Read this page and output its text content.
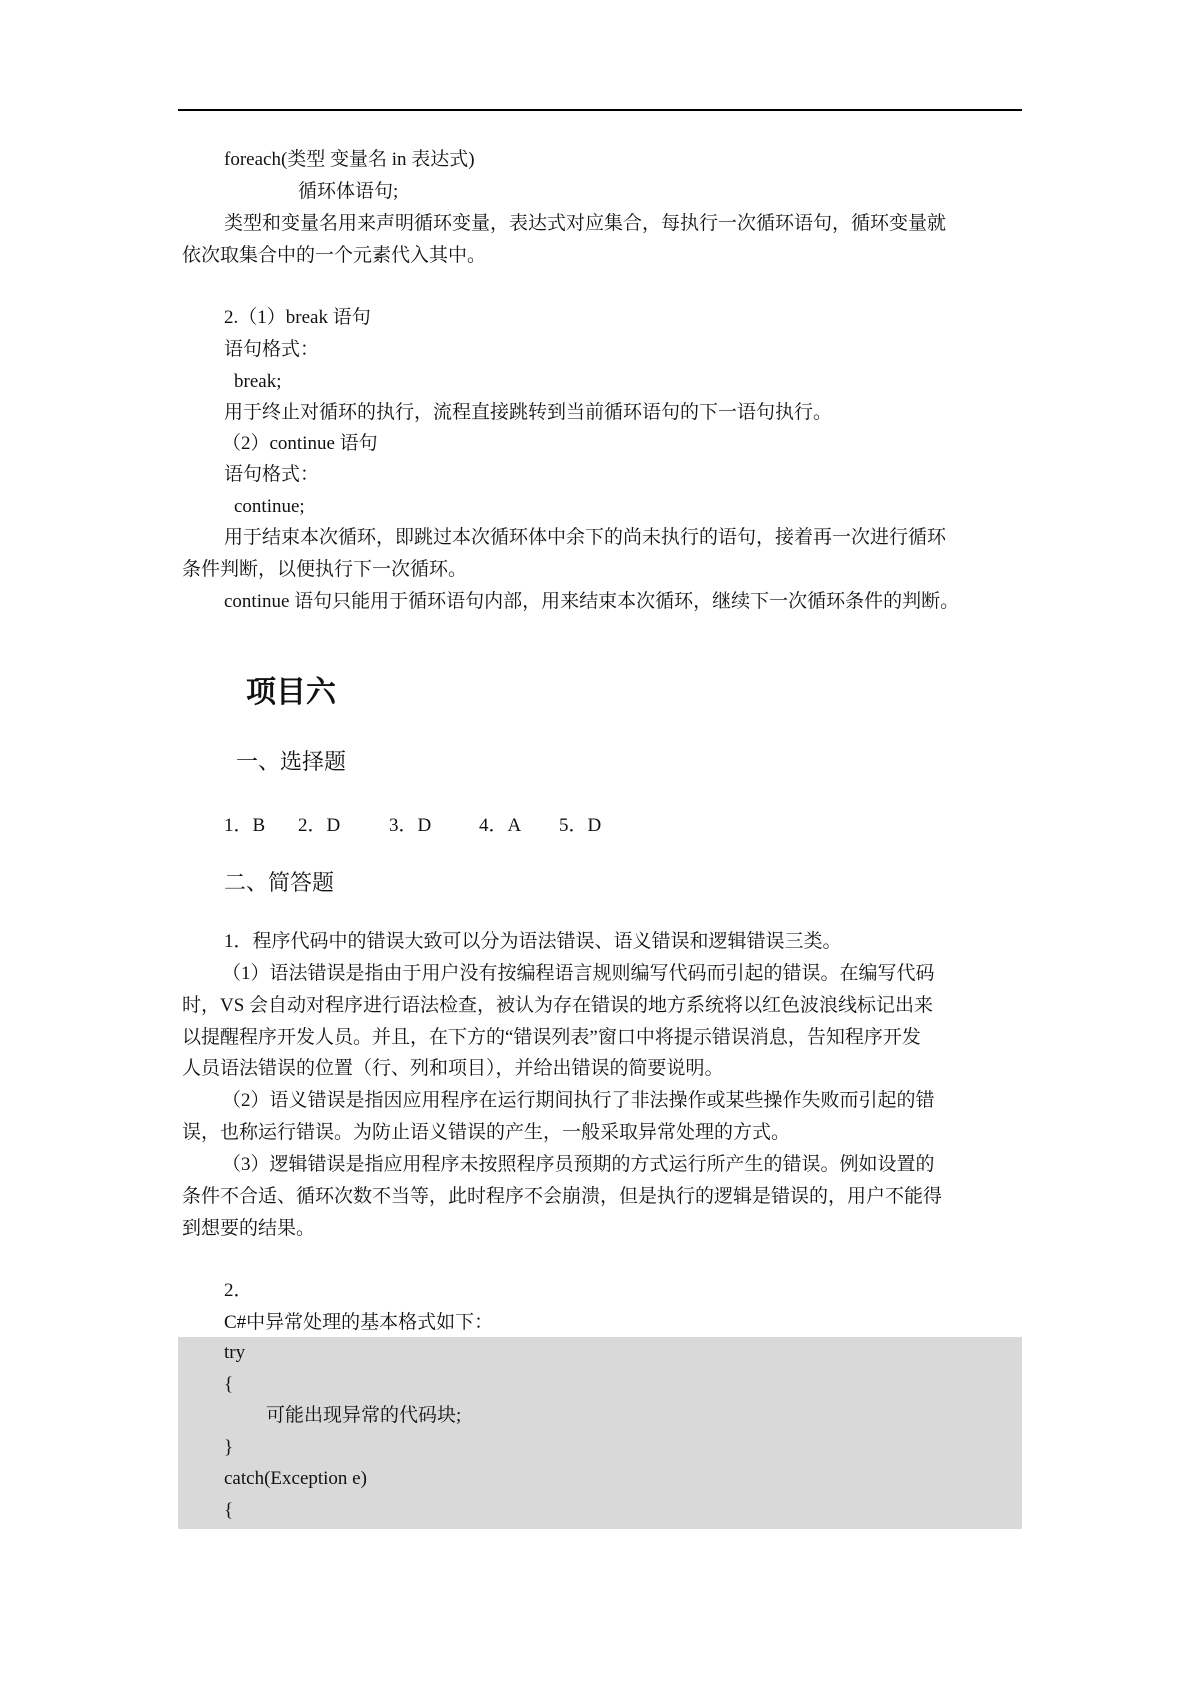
foreach(类型 变量名 in 表达式)
循环体语句;
类型和变量名用来声明循环变量，表达式对应集合，每执行一次循环语句，循环变量就
依次取集合中的一个元素代入其中。
2.（1）break 语句
语句格式：
break;
用于终止对循环的执行，流程直接跳转到当前循环语句的下一语句执行。
（2）continue 语句
语句格式：
continue;
用于结束本次循环，即跳过本次循环体中余下的尚未执行的语句，接着再一次进行循环
条件判断，以便执行下一次循环。
continue 语句只能用于循环语句内部，用来结束本次循环，继续下一次循环条件的判断。
项目六
一、选择题
1．B	2．D	3．D	4．A	5．D
二、简答题
1．程序代码中的错误大致可以分为语法错误、语义错误和逻辑错误三类。
（1）语法错误是指由于用户没有按编程语言规则编写代码而引起的错误。在编写代码
时，VS 会自动对程序进行语法检查，被认为存在错误的地方系统将以红色波浪线标记出来
以提醒程序开发人员。并且，在下方的“错误列表”窗口中将提示错误消息，告知程序开发
人员语法错误的位置（行、列和项目），并给出错误的简要说明。
（2）语义错误是指因应用程序在运行期间执行了非法操作或某些操作失败而引起的错
误，也称运行错误。为防止语义错误的产生，一般采取异常处理的方式。
（3）逻辑错误是指应用程序未按照程序员预期的方式运行所产生的错误。例如设置的
条件不合适、循环次数不当等，此时程序不会崩溃，但是执行的逻辑是错误的，用户不能得
到想要的结果。
2．
C#中异常处理的基本格式如下：
try
{
可能出现异常的代码块;
}
catch(Exception e)
{
